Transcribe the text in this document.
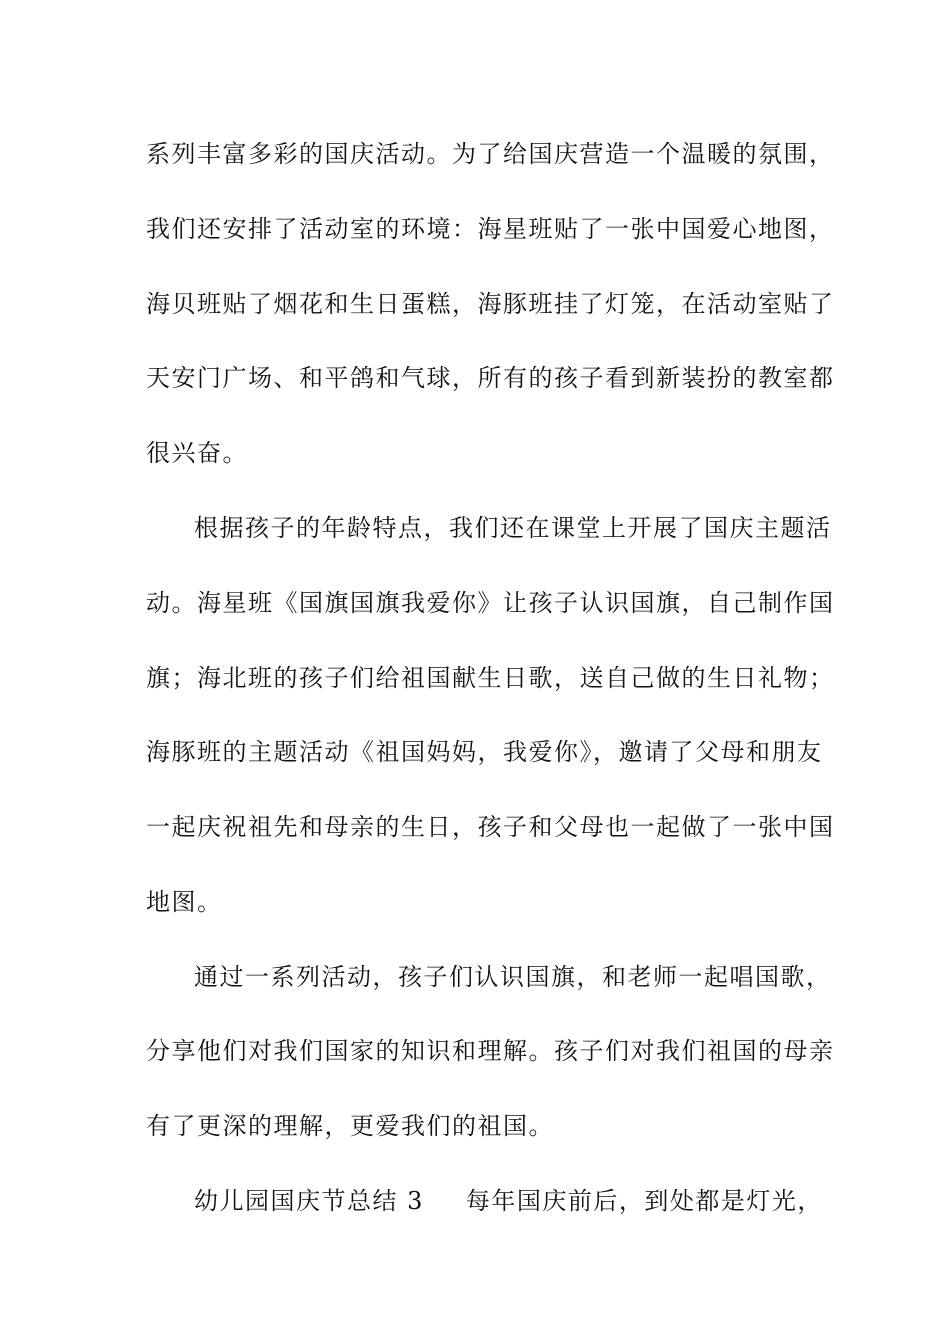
系列丰富多彩的国庆活动。为了给国庆营造一个温暖的氛围，
我们还安排了活动室的环境：海星班贴了一张中国爱心地图，
海贝班贴了烟花和生日蛋糕，海豚班挂了灯笼，在活动室贴了
天安门广场、和平鸽和气球，所有的孩子看到新装扮的教室都
很兴奋。
根据孩子的年龄特点，我们还在课堂上开展了国庆主题活
动。海星班《国旗国旗我爱你》让孩子认识国旗，自己制作国
旗；海北班的孩子们给祖国献生日歌，送自己做的生日礼物；
海豚班的主题活动《祖国妈妈，我爱你》，邀请了父母和朋友
一起庆祝祖先和母亲的生日，孩子和父母也一起做了一张中国
地图。
通过一系列活动，孩子们认识国旗，和老师一起唱国歌，
分享他们对我们国家的知识和理解。孩子们对我们祖国的母亲
有了更深的理解，更爱我们的祖国。
幼儿园国庆节总结 3 每年国庆前后，到处都是灯光，
